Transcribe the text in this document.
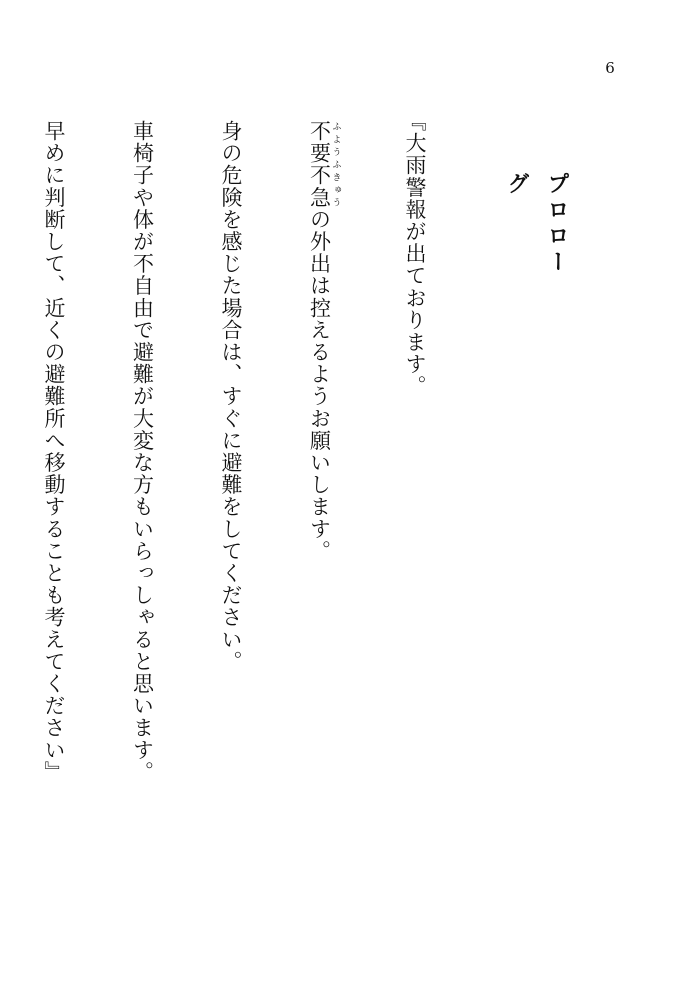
6
プロローグ

『大雨警報が出ております。

不要不急 ふようふきゅうの外出は控えるようお願いします。

身の危険を感じた場合は、すぐに避難をしてください。

車椅子や体が不自由で避難が大変な方もいらっしゃると思います。

早めに判断して、近くの避難所へ移動することも考えてください』
